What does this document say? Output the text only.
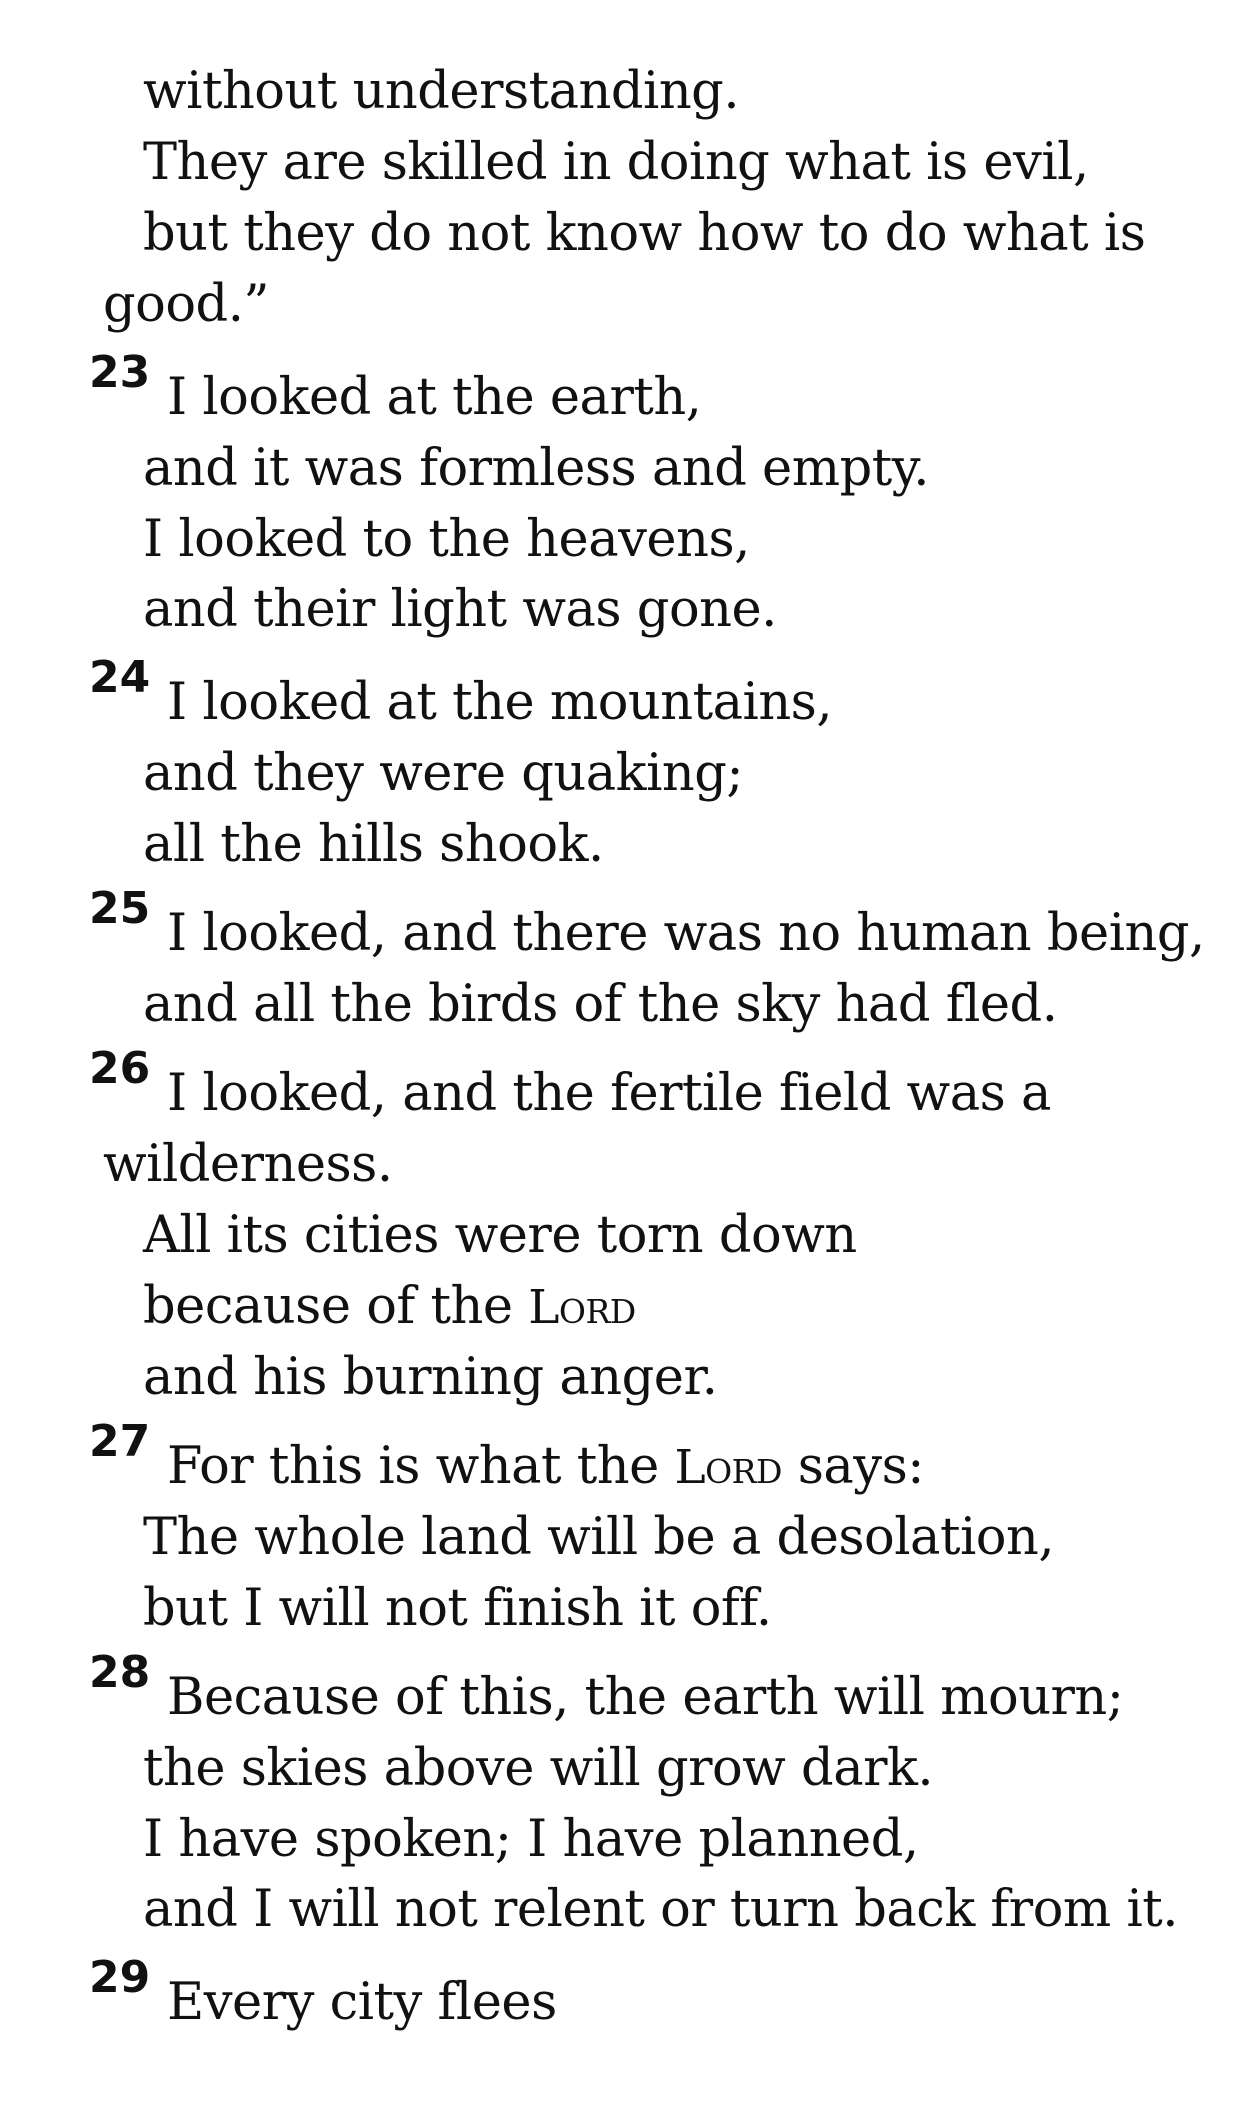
without understanding.
They are skilled in doing what is evil,
but they do not know how to do what is
good.”
23 I looked at the earth,
and it was formless and empty.
I looked to the heavens,
and their light was gone.
24 I looked at the mountains,
and they were quaking;
all the hills shook.
25 I looked, and there was no human being,
and all the birds of the sky had fled.
26 I looked, and the fertile field was a
wilderness.
All its cities were torn down
because of the Lord
and his burning anger.
27 For this is what the Lord says:
The whole land will be a desolation,
but I will not finish it off.
28 Because of this, the earth will mourn;
the skies above will grow dark.
I have spoken; I have planned,
and I will not relent or turn back from it.
29 Every city flees
